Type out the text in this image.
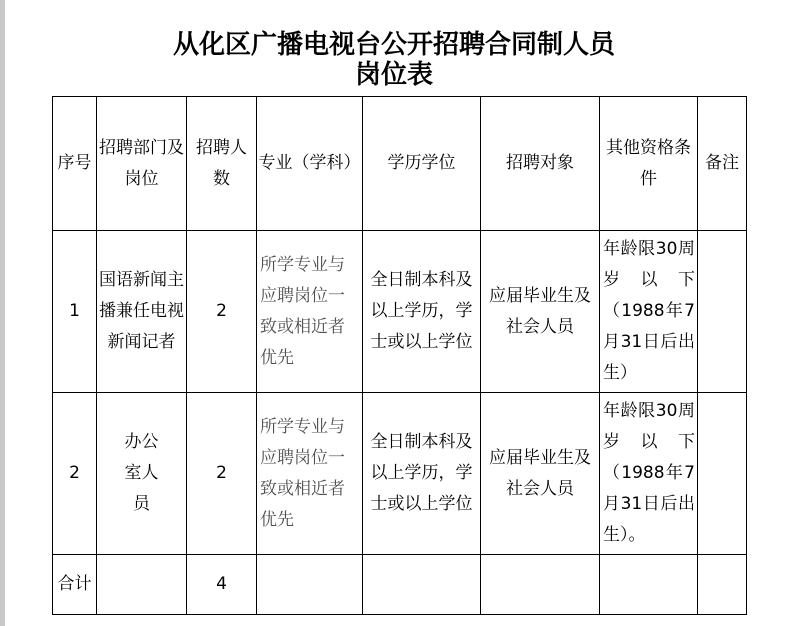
从化区广播电视台公开招聘合同制人员
岗位表
序号	招聘部门及岗位	招聘人数	专业（学科）	学历学位	招聘对象	其他资格条件	备注
1	国语新闻主播兼任电视新闻记者	2	所学专业与应聘岗位一致或相近者优先	全日制本科及以上学历，学士或以上学位	应届毕业生及社会人员	年龄限30周岁以下（1988年7月31日后出生）	

2	办公室人员	2	所学专业与应聘岗位一致或相近者优先	全日制本科及以上学历，学士或以上学位	应届毕业生及社会人员	年龄限30周岁以下（1988年7月31日后出生）。	

合计		4					
